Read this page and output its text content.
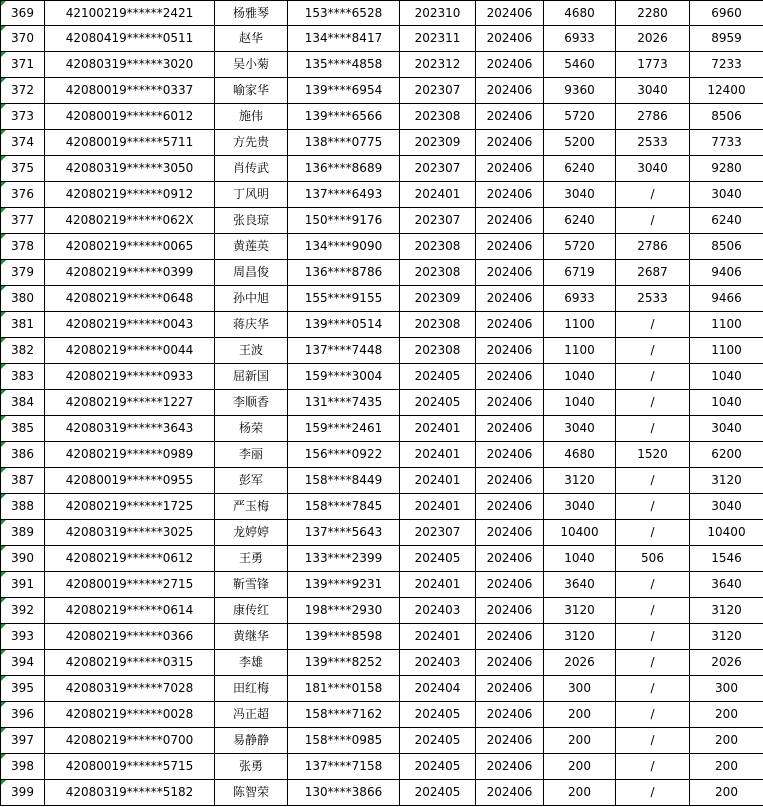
369	42100219******2421	杨雅琴	153****6528	202310	202406	4680	2280	6960
370	42080419******0511	赵华	134****8417	202311	202406	6933	2026	8959
371	42080319******3020	吴小菊	135****4858	202312	202406	5460	1773	7233
372	42080019******0337	喻家华	139****6954	202307	202406	9360	3040	12400
373	42080019******6012	施伟	139****6566	202308	202406	5720	2786	8506
374	42080019******5711	方先贵	138****0775	202309	202406	5200	2533	7733
375	42080319******3050	肖传武	136****8689	202307	202406	6240	3040	9280
376	42080219******0912	丁风明	137****6493	202401	202406	3040	/	3040
377	42080219******062X	张良琼	150****9176	202307	202406	6240	/	6240
378	42080219******0065	黄莲英	134****9090	202308	202406	5720	2786	8506
379	42080219******0399	周昌俊	136****8786	202308	202406	6719	2687	9406
380	42080219******0648	孙中旭	155****9155	202309	202406	6933	2533	9466
381	42080219******0043	蒋庆华	139****0514	202308	202406	1100	/	1100
382	42080219******0044	王波	137****7448	202308	202406	1100	/	1100
383	42080219******0933	屈新国	159****3004	202405	202406	1040	/	1040
384	42080219******1227	李顺香	131****7435	202405	202406	1040	/	1040
385	42080319******3643	杨荣	159****2461	202401	202406	3040	/	3040
386	42080219******0989	李丽	156****0922	202401	202406	4680	1520	6200
387	42080019******0955	彭军	158****8449	202401	202406	3120	/	3120
388	42080219******1725	严玉梅	158****7845	202401	202406	3040	/	3040
389	42080319******3025	龙婷婷	137****5643	202307	202406	10400	/	10400
390	42080219******0612	王勇	133****2399	202405	202406	1040	506	1546
391	42080019******2715	靳雪锋	139****9231	202401	202406	3640	/	3640
392	42080219******0614	康传红	198****2930	202403	202406	3120	/	3120
393	42080219******0366	黄继华	139****8598	202401	202406	3120	/	3120
394	42080219******0315	李雄	139****8252	202403	202406	2026	/	2026
395	42080319******7028	田红梅	181****0158	202404	202406	300	/	300
396	42080219******0028	冯正超	158****7162	202405	202406	200	/	200
397	42080219******0700	易静静	158****0985	202405	202406	200	/	200
398	42080019******5715	张勇	137****7158	202405	202406	200	/	200
399	42080319******5182	陈智荣	130****3866	202405	202406	200	/	200
